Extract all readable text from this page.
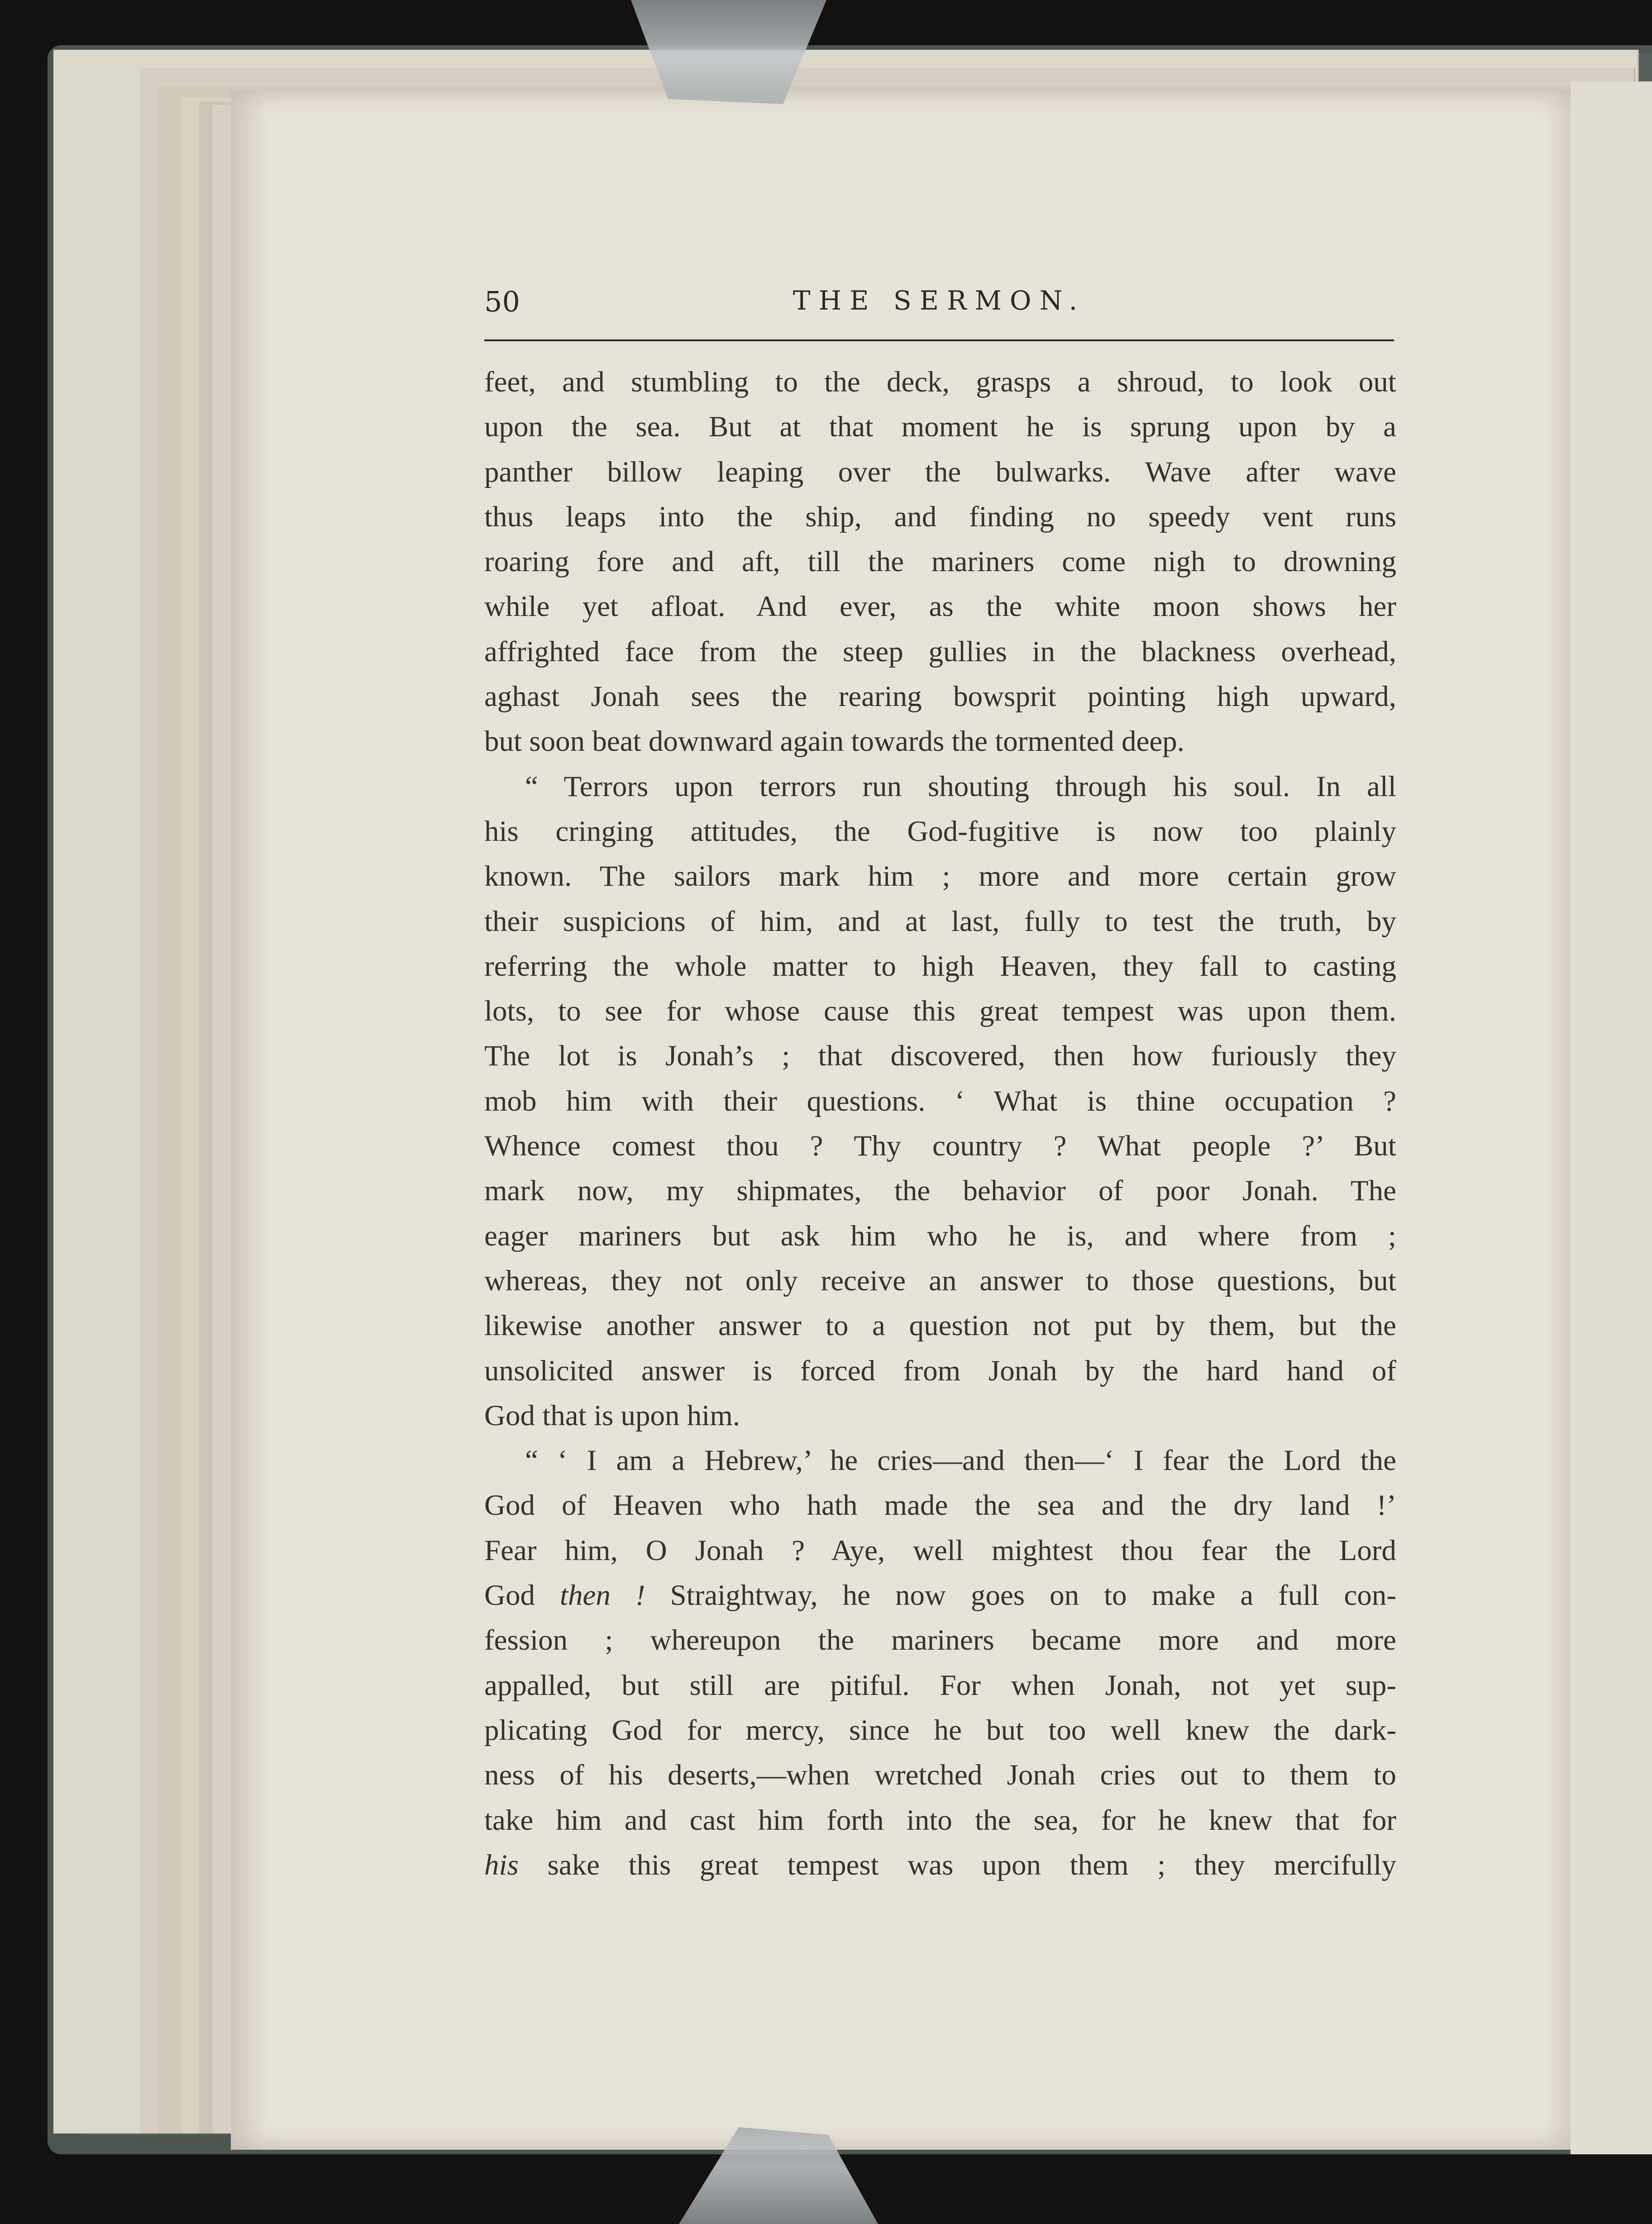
50	THE SERMON.
feet, and stumbling to the deck, grasps a shroud, to look out
upon the sea. But at that moment he is sprung upon by a
panther billow leaping over the bulwarks. Wave after wave
thus leaps into the ship, and finding no speedy vent runs
roaring fore and aft, till the mariners come nigh to drowning
while yet afloat. And ever, as the white moon shows her
affrighted face from the steep gullies in the blackness overhead,
aghast Jonah sees the rearing bowsprit pointing high upward,
but soon beat downward again towards the tormented deep.
“ Terrors upon terrors run shouting through his soul. In all
his cringing attitudes, the God-fugitive is now too plainly
known. The sailors mark him ; more and more certain grow
their suspicions of him, and at last, fully to test the truth, by
referring the whole matter to high Heaven, they fall to casting
lots, to see for whose cause this great tempest was upon them.
The lot is Jonah’s ; that discovered, then how furiously they
mob him with their questions. ‘ What is thine occupation ?
Whence comest thou ? Thy country ? What people ?’ But
mark now, my shipmates, the behavior of poor Jonah. The
eager mariners but ask him who he is, and where from ;
whereas, they not only receive an answer to those questions, but
likewise another answer to a question not put by them, but the
unsolicited answer is forced from Jonah by the hard hand of
God that is upon him.
“ ‘ I am a Hebrew,’ he cries—and then—‘ I fear the Lord the
God of Heaven who hath made the sea and the dry land !’
Fear him, O Jonah ? Aye, well mightest thou fear the Lord
God then ! Straightway, he now goes on to make a full con-
fession ; whereupon the mariners became more and more
appalled, but still are pitiful. For when Jonah, not yet sup-
plicating God for mercy, since he but too well knew the dark-
ness of his deserts,—when wretched Jonah cries out to them to
take him and cast him forth into the sea, for he knew that for
his sake this great tempest was upon them ; they mercifully
